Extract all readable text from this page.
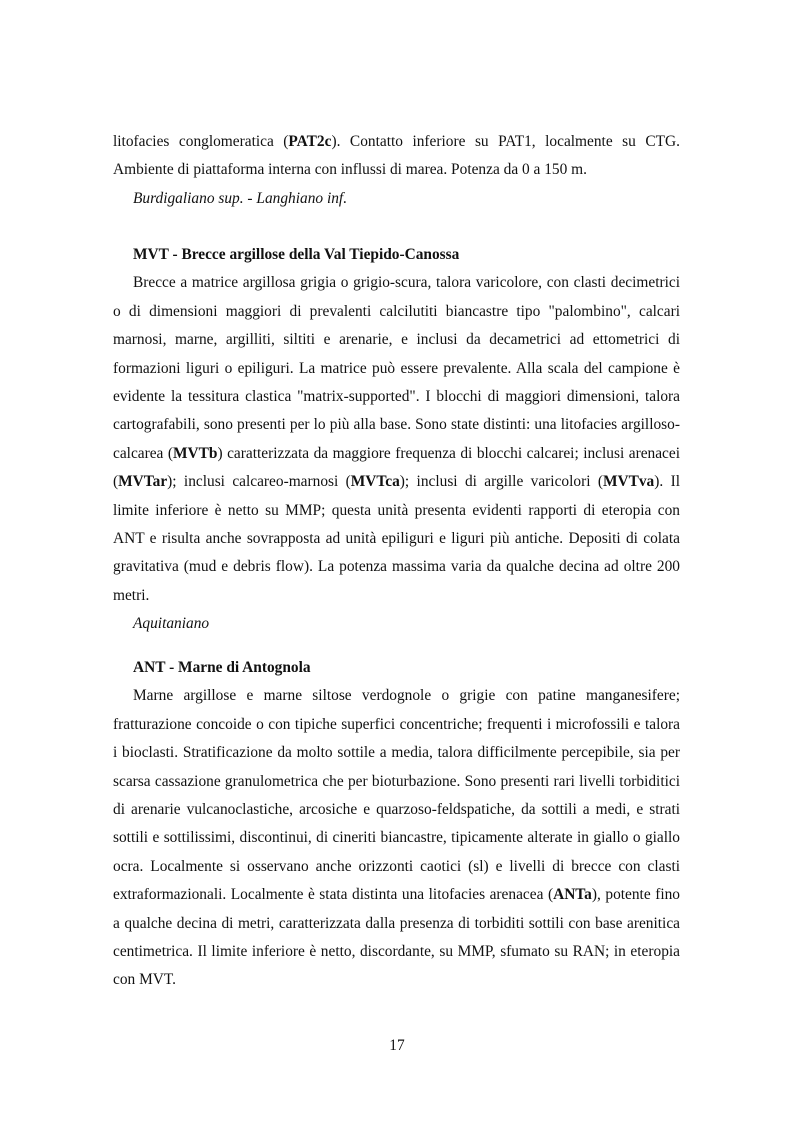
litofacies conglomeratica (PAT2c). Contatto inferiore su PAT1, localmente su CTG. Ambiente di piattaforma interna con influssi di marea. Potenza da 0 a 150 m.

Burdigaliano sup. - Langhiano inf.

MVT - Brecce argillose della Val Tiepido-Canossa

Brecce a matrice argillosa grigia o grigio-scura, talora varicolore, con clasti decimetrici o di dimensioni maggiori di prevalenti calcilutiti biancastre tipo "palombino", calcari marnosi, marne, argilliti, siltiti e arenarie, e inclusi da decametrici ad ettometrici di formazioni liguri o epiliguri. La matrice può essere prevalente. Alla scala del campione è evidente la tessitura clastica "matrix-supported". I blocchi di maggiori dimensioni, talora cartografabili, sono presenti per lo più alla base. Sono state distinti: una litofacies argilloso-calcarea (MVTb) caratterizzata da maggiore frequenza di blocchi calcarei; inclusi arenacei (MVTar); inclusi calcareo-marnosi (MVTca); inclusi di argille varicolori (MVTva). Il limite inferiore è netto su MMP; questa unità presenta evidenti rapporti di eteropia con ANT e risulta anche sovrapposta ad unità epiliguri e liguri più antiche. Depositi di colata gravitativa (mud e debris flow). La potenza massima varia da qualche decina ad oltre 200 metri.

Aquitaniano

ANT - Marne di Antognola

Marne argillose e marne siltose verdognole o grigie con patine manganesifere; fratturazione concoide o con tipiche superfici concentriche; frequenti i microfossili e talora i bioclasti. Stratificazione da molto sottile a media, talora difficilmente percepibile, sia per scarsa cassazione granulometrica che per bioturbazione. Sono presenti rari livelli torbiditici di arenarie vulcanoclastiche, arcosiche e quarzoso-feldspatiche, da sottili a medi, e strati sottili e sottilissimi, discontinui, di cineriti biancastre, tipicamente alterate in giallo o giallo ocra. Localmente si osservano anche orizzonti caotici (sl) e livelli di brecce con clasti extraformazionali. Localmente è stata distinta una litofacies arenacea (ANTa), potente fino a qualche decina di metri, caratterizzata dalla presenza di torbiditi sottili con base arenitica centimetrica. Il limite inferiore è netto, discordante, su MMP, sfumato su RAN; in eteropia con MVT.

17
